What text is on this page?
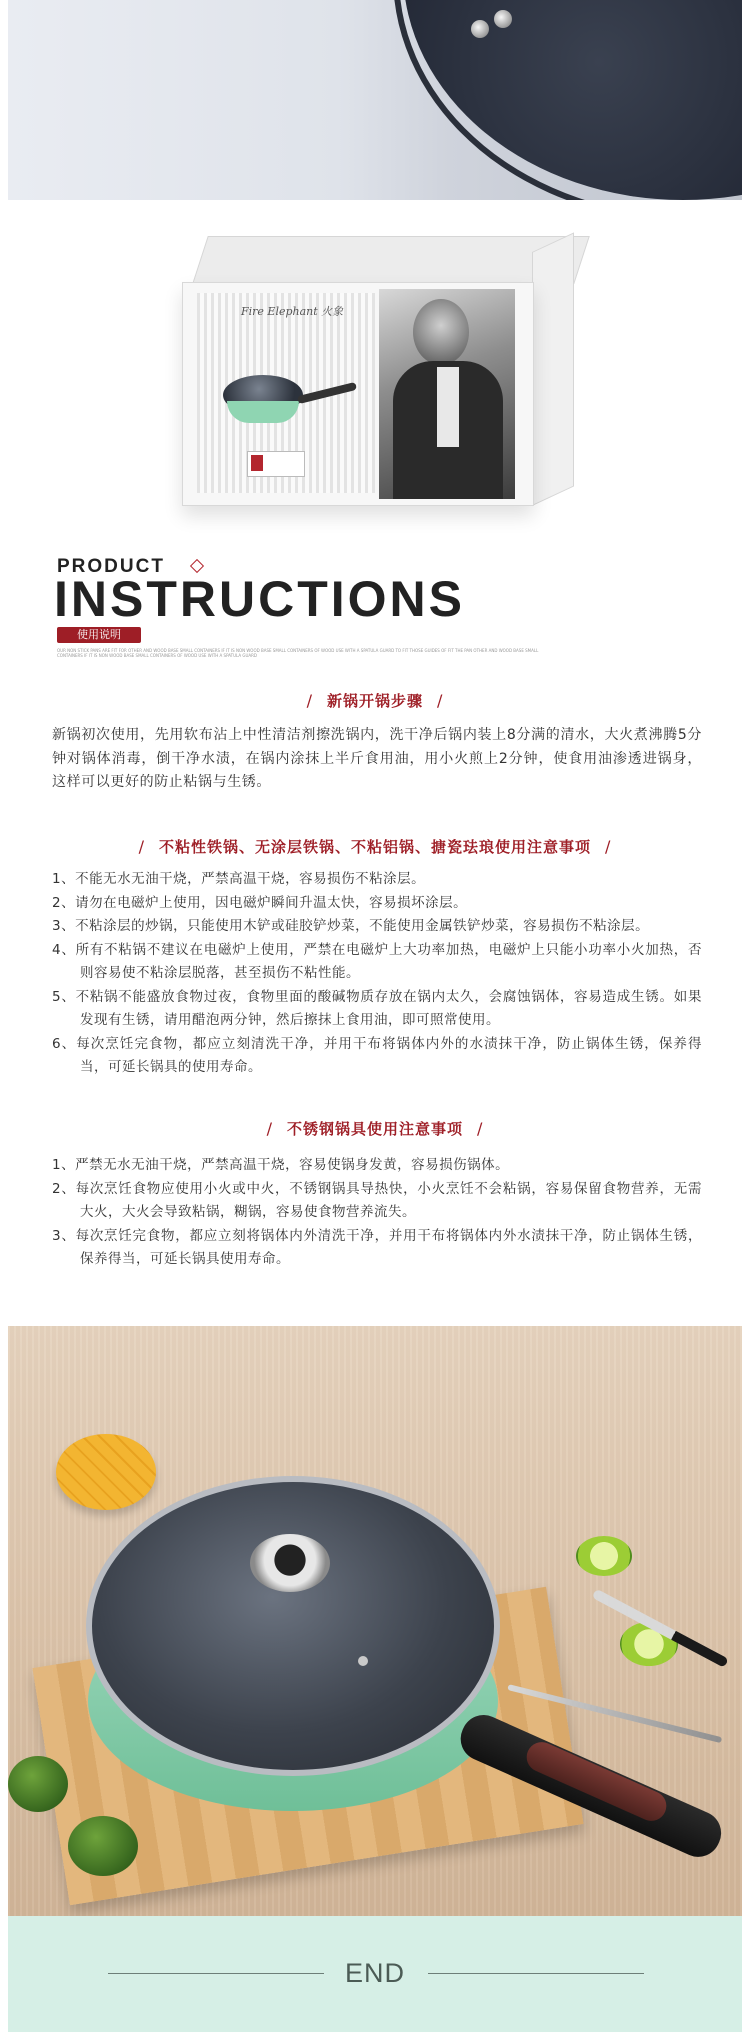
Fire Elephant 火象
PRODUCT
INSTRUCTIONS
使用说明
OUR NON STICK PANS ARE FIT FOR OTHER AND WOOD BASE SMALL CONTAINERS IF IT IS NON WOOD BASE SMALL CONTAINERS OF WOOD USE WITH A SPATULA GUARD TO FIT THOSE GUIDES OF FIT THE PAN OTHER AND WOOD BASE SMALL CONTAINERS IF IT IS NON WOOD BASE SMALL CONTAINERS OF WOOD USE WITH A SPATULA GUARD
/ 新锅开锅步骤 /
新锅初次使用，先用软布沾上中性清洁剂擦洗锅内，洗干净后锅内装上8分满的清水，大火煮沸腾5分钟对锅体消毒，倒干净水渍，在锅内涂抹上半斤食用油，用小火煎上2分钟，使食用油渗透进锅身，这样可以更好的防止粘锅与生锈。
/ 不粘性铁锅、无涂层铁锅、不粘铝锅、搪瓷珐琅使用注意事项 /
1、不能无水无油干烧，严禁高温干烧，容易损伤不粘涂层。
2、请勿在电磁炉上使用，因电磁炉瞬间升温太快，容易损坏涂层。
3、不粘涂层的炒锅，只能使用木铲或硅胶铲炒菜，不能使用金属铁铲炒菜，容易损伤不粘涂层。
4、所有不粘锅不建议在电磁炉上使用，严禁在电磁炉上大功率加热，电磁炉上只能小功率小火加热，否则容易使不粘涂层脱落，甚至损伤不粘性能。
5、不粘锅不能盛放食物过夜，食物里面的酸碱物质存放在锅内太久，会腐蚀锅体，容易造成生锈。如果发现有生锈，请用醋泡两分钟，然后擦抹上食用油，即可照常使用。
6、每次烹饪完食物，都应立刻清洗干净，并用干布将锅体内外的水渍抹干净，防止锅体生锈，保养得当，可延长锅具的使用寿命。
/ 不锈钢锅具使用注意事项 /
1、严禁无水无油干烧，严禁高温干烧，容易使锅身发黄，容易损伤锅体。
2、每次烹饪食物应使用小火或中火，不锈钢锅具导热快，小火烹饪不会粘锅，容易保留食物营养，无需大火，大火会导致粘锅，糊锅，容易使食物营养流失。
3、每次烹饪完食物，都应立刻将锅体内外清洗干净，并用干布将锅体内外水渍抹干净，防止锅体生锈，保养得当，可延长锅具使用寿命。
END
